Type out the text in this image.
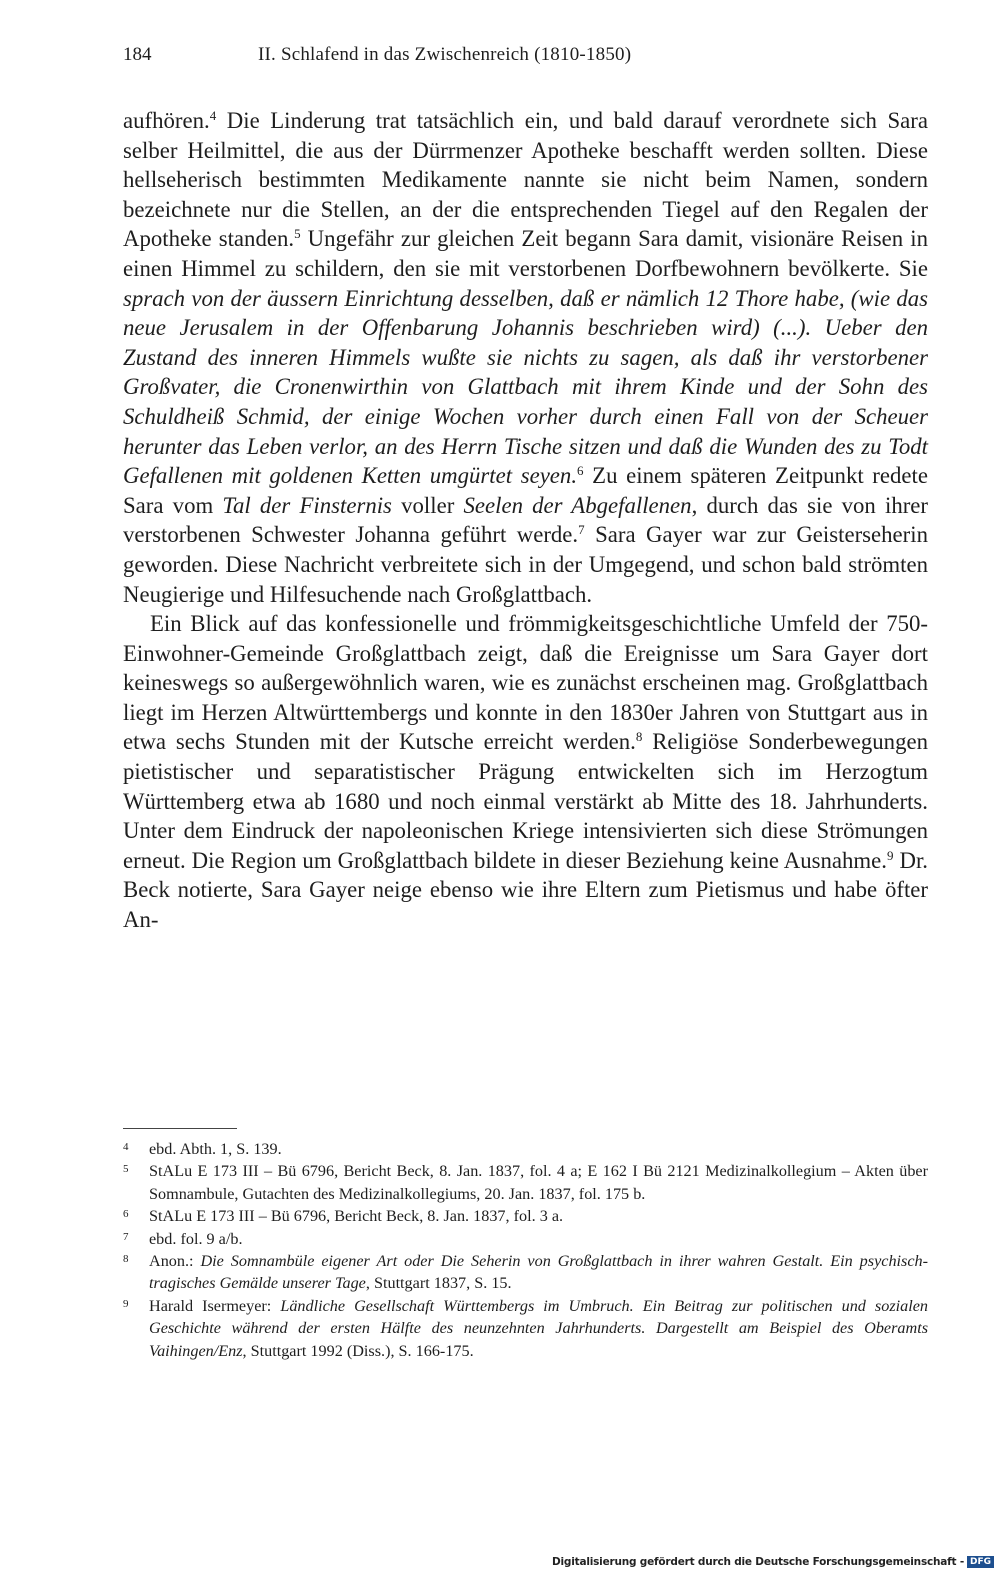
184	II. Schlafend in das Zwischenreich (1810-1850)

aufhören.$^4$ Die Linderung trat tatsächlich ein, und bald darauf verordnete sich Sara selber Heilmittel, die aus der Dürrmenzer Apotheke beschafft werden sollten. Diese hellseherisch bestimmten Medikamente nannte sie nicht beim Namen, sondern bezeichnete nur die Stellen, an der die entsprechenden Tiegel auf den Regalen der Apotheke standen.$^5$ Ungefähr zur gleichen Zeit begann Sara damit, visionäre Reisen in einen Himmel zu schildern, den sie mit verstorbenen Dorfbewohnern bevölkerte. Sie sprach von der äussern Einrichtung desselben, daß er nämlich 12 Thore habe, (wie das neue Jerusalem in der Offenbarung Johannis beschrieben wird) (...). Ueber den Zustand des inneren Himmels wußte sie nichts zu sagen, als daß ihr verstorbener Großvater, die Cronenwirthin von Glattbach mit ihrem Kinde und der Sohn des Schuldheiß Schmid, der einige Wochen vorher durch einen Fall von der Scheuer herunter das Leben verlor, an des Herrn Tische sitzen und daß die Wunden des zu Todt Gefallenen mit goldenen Ketten umgürtet seyen.$^6$ Zu einem späteren Zeitpunkt redete Sara vom Tal der Finsternis voller Seelen der Abgefallenen, durch das sie von ihrer verstorbenen Schwester Johanna geführt werde.$^7$ Sara Gayer war zur Geisterseherin geworden. Diese Nachricht verbreitete sich in der Umgegend, und schon bald strömten Neugierige und Hilfesuchende nach Großglattbach.

Ein Blick auf das konfessionelle und frömmigkeitsgeschichtliche Umfeld der 750-Einwohner-Gemeinde Großglattbach zeigt, daß die Ereignisse um Sara Gayer dort keineswegs so außergewöhnlich waren, wie es zunächst erscheinen mag. Großglattbach liegt im Herzen Altwürttembergs und konnte in den 1830er Jahren von Stuttgart aus in etwa sechs Stunden mit der Kutsche erreicht werden.$^8$ Religiöse Sonderbewegungen pietistischer und separatistischer Prägung entwickelten sich im Herzogtum Württemberg etwa ab 1680 und noch einmal verstärkt ab Mitte des 18. Jahrhunderts. Unter dem Eindruck der napoleonischen Kriege intensivierten sich diese Strömungen erneut. Die Region um Großglattbach bildete in dieser Beziehung keine Ausnahme.$^9$ Dr. Beck notierte, Sara Gayer neige ebenso wie ihre Eltern zum Pietismus und habe öfter An-

4 ebd. Abth. 1, S. 139.

5 StALu E 173 III – Bü 6796, Bericht Beck, 8. Jan. 1837, fol. 4 a; E 162 I Bü 2121 Medizinalkollegium – Akten über Somnambule, Gutachten des Medizinalkollegiums, 20. Jan. 1837, fol. 175 b.

6 StALu E 173 III – Bü 6796, Bericht Beck, 8. Jan. 1837, fol. 3 a.

7 ebd. fol. 9 a/b.

8 Anon.: Die Somnambüle eigener Art oder Die Seherin von Großglattbach in ihrer wahren Gestalt. Ein psychisch-tragisches Gemälde unserer Tage, Stuttgart 1837, S. 15.

9 Harald Isermeyer: Ländliche Gesellschaft Württembergs im Umbruch. Ein Beitrag zur politischen und sozialen Geschichte während der ersten Hälfte des neunzehnten Jahrhunderts. Dargestellt am Beispiel des Oberamts Vaihingen/Enz, Stuttgart 1992 (Diss.), S. 166-175.

Digitalisierung gefördert durch die Deutsche Forschungsgemeinschaft - DFG
